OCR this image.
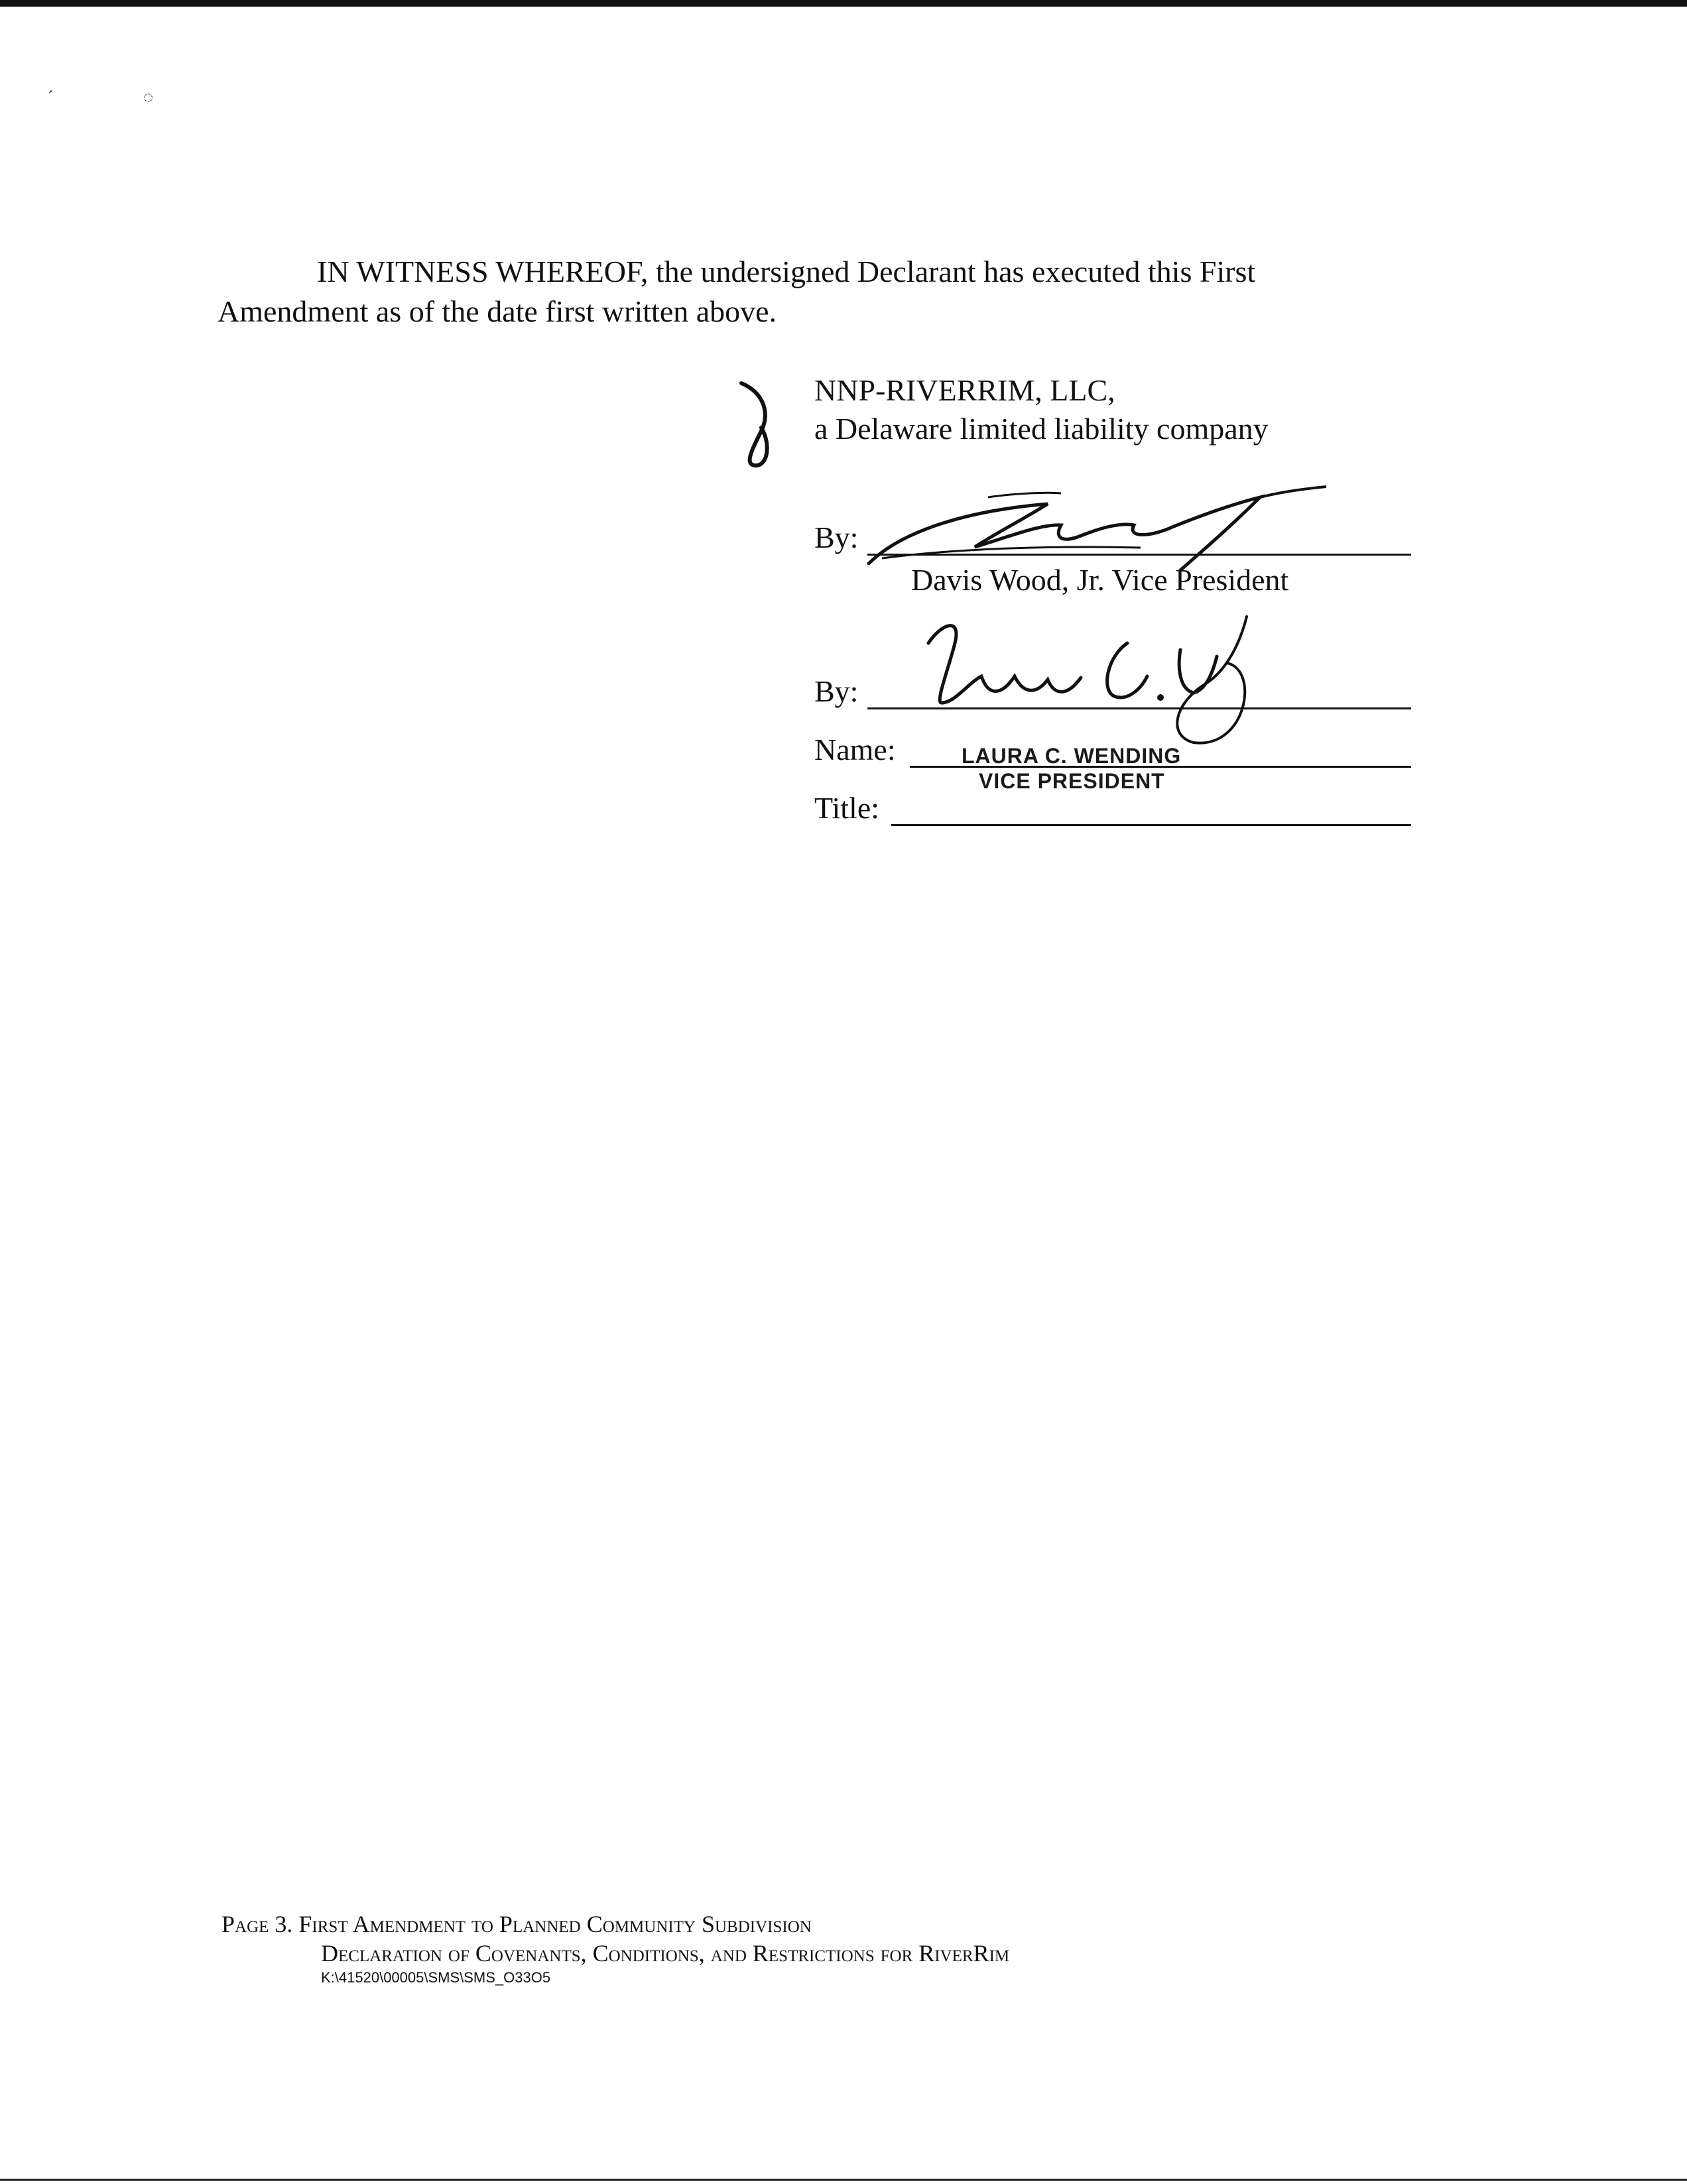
ˊ	◌
IN WITNESS WHEREOF, the undersigned Declarant has executed this First
Amendment as of the date first written above.
NNP-RIVERRIM, LLC,
a Delaware limited liability company
By:
Davis Wood, Jr. Vice President
By:
Name:	LAURA C. WENDING
VICE PRESIDENT
Title:
Page 3. First Amendment to Planned Community Subdivision
Declaration of Covenants, Conditions, and Restrictions for RiverRim
K:\41520\00005\SMS\SMS_O33O5
